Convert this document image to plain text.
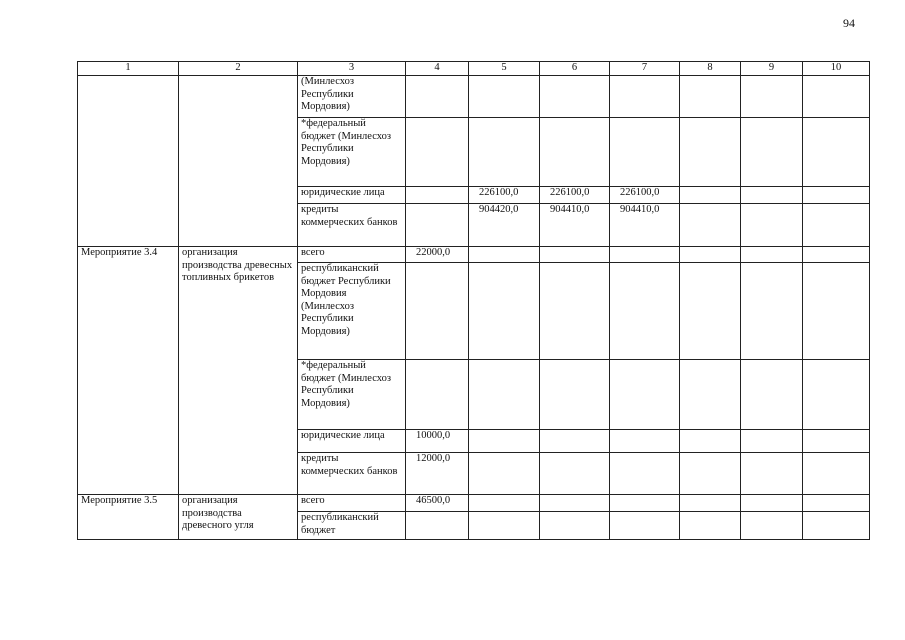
94
1	2	3	4	5	6	7	8	9	10
		(Минлесхоз Республики Мордовия)							
		*федеральный бюджет (Минлесхоз Республики Мордовия)							
		юридические лица		226100,0	226100,0	226100,0			
		кредиты коммерческих банков		904420,0	904410,0	904410,0			
Мероприятие 3.4	организация производства древесных топливных брикетов	всего	22000,0						
		республиканский бюджет Республики Мордовия (Минлесхоз Республики Мордовия)							
		*федеральный бюджет (Минлесхоз Республики Мордовия)							
		юридические лица	10000,0						
		кредиты коммерческих банков	12000,0						
Мероприятие 3.5	организация производства древесного угля	всего	46500,0						
		республиканский бюджет							
